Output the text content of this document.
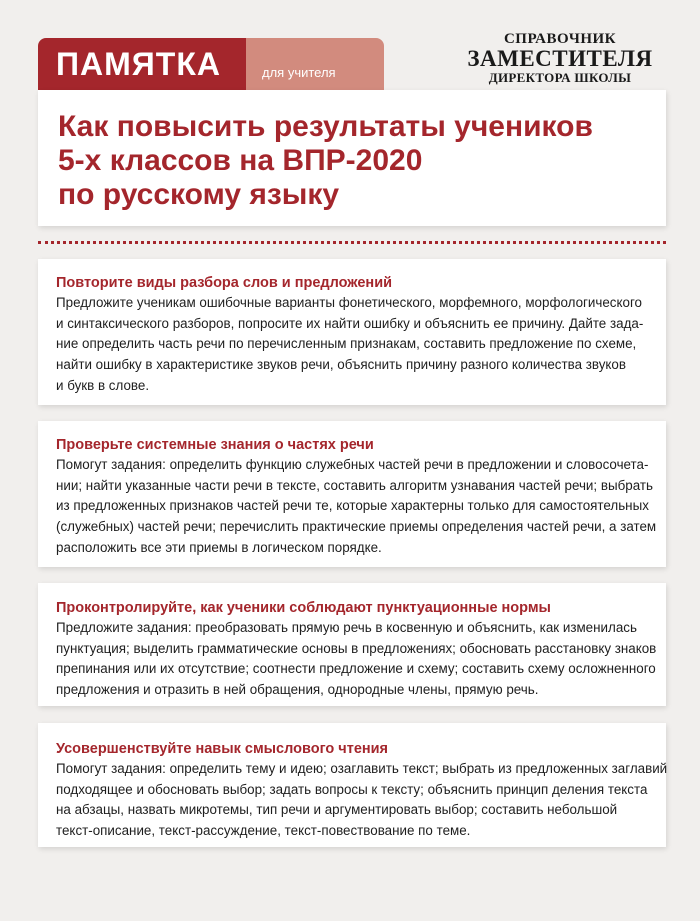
ПАМЯТКА	для учителя
СПРАВОЧНИК
ЗАМЕСТИТЕЛЯ
ДИРЕКТОРА ШКОЛЫ
Как повысить результаты учеников
5-х классов на ВПР-2020
по русскому языку
Повторите виды разбора слов и предложений
Предложите ученикам ошибочные варианты фонетического, морфемного, морфологического
и синтаксического разборов, попросите их найти ошибку и объяснить ее причину. Дайте зада-
ние определить часть речи по перечисленным признакам, составить предложение по схеме,
найти ошибку в характеристике звуков речи, объяснить причину разного количества звуков
и букв в слове.
Проверьте системные знания о частях речи
Помогут задания: определить функцию служебных частей речи в предложении и словосочета-
нии; найти указанные части речи в тексте, составить алгоритм узнавания частей речи; выбрать
из предложенных признаков частей речи те, которые характерны только для самостоятельных
(служебных) частей речи; перечислить практические приемы определения частей речи, а затем
расположить все эти приемы в логическом порядке.
Проконтролируйте, как ученики соблюдают пунктуационные нормы
Предложите задания: преобразовать прямую речь в косвенную и объяснить, как изменилась
пунктуация; выделить грамматические основы в предложениях; обосновать расстановку знаков
препинания или их отсутствие; соотнести предложение и схему; составить схему осложненного
предложения и отразить в ней обращения, однородные члены, прямую речь.
Усовершенствуйте навык смыслового чтения
Помогут задания: определить тему и идею; озаглавить текст; выбрать из предложенных заглавий
подходящее и обосновать выбор; задать вопросы к тексту; объяснить принцип деления текста
на абзацы, назвать микротемы, тип речи и аргументировать выбор; составить небольшой
текст-описание, текст-рассуждение, текст-повествование по теме.
